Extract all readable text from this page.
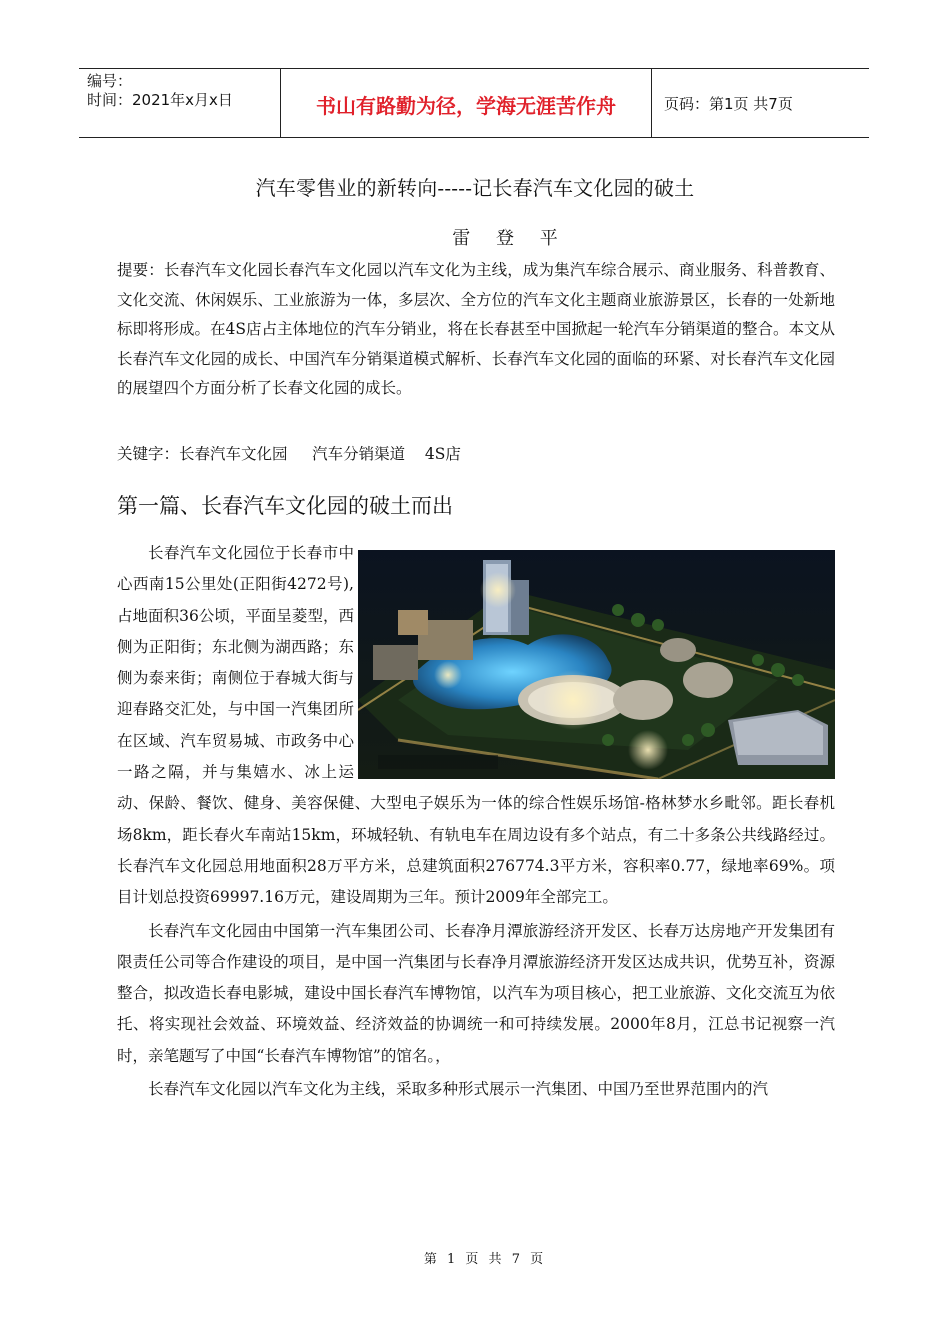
编号：
时间：2021年x月x日	书山有路勤为径，学海无涯苦作舟	页码：第1页 共7页
汽车零售业的新转向-----记长春汽车文化园的破土
雷 登 平
提要：长春汽车文化园长春汽车文化园以汽车文化为主线，成为集汽车综合展示、商业服务、科普教育、文化交流、休闲娱乐、工业旅游为一体，多层次、全方位的汽车文化主题商业旅游景区，长春的一处新地标即将形成。在4S店占主体地位的汽车分销业，将在长春甚至中国掀起一轮汽车分销渠道的整合。本文从长春汽车文化园的成长、中国汽车分销渠道模式解析、长春汽车文化园的面临的环紧、对长春汽车文化园的展望四个方面分析了长春文化园的成长。
关键字：长春汽车文化园     汽车分销渠道    4S店
第一篇、长春汽车文化园的破土而出

长春汽车文化园位于长春市中心西南15公里处(正阳街4272号),占地面积36公顷，平面呈菱型，西侧为正阳街；东北侧为湖西路；东侧为泰来街；南侧位于春城大街与迎春路交汇处，与中国一汽集团所在区域、汽车贸易城、市政务中心一路之隔，并与集嬉水、冰上运动、保龄、餐饮、健身、美容保健、大型电子娱乐为一体的综合性娱乐场馆-格林梦水乡毗邻。距长春机场8km，距长春火车南站15km，环城轻轨、有轨电车在周边设有多个站点，有二十多条公共线路经过。长春汽车文化园总用地面积28万平方米，总建筑面积276774.3平方米，容积率0.77，绿地率69%。项目计划总投资69997.16万元，建设周期为三年。预计2009年全部完工。

长春汽车文化园由中国第一汽车集团公司、长春净月潭旅游经济开发区、长春万达房地产开发集团有限责任公司等合作建设的项目，是中国一汽集团与长春净月潭旅游经济开发区达成共识，优势互补，资源整合，拟改造长春电影城，建设中国长春汽车博物馆，以汽车为项目核心，把工业旅游、文化交流互为依托、将实现社会效益、环境效益、经济效益的协调统一和可持续发展。2000年8月，江总书记视察一汽时，亲笔题写了中国“长春汽车博物馆”的馆名。，

长春汽车文化园以汽车文化为主线，采取多种形式展示一汽集团、中国乃至世界范围内的汽

第 1 页 共 7 页
